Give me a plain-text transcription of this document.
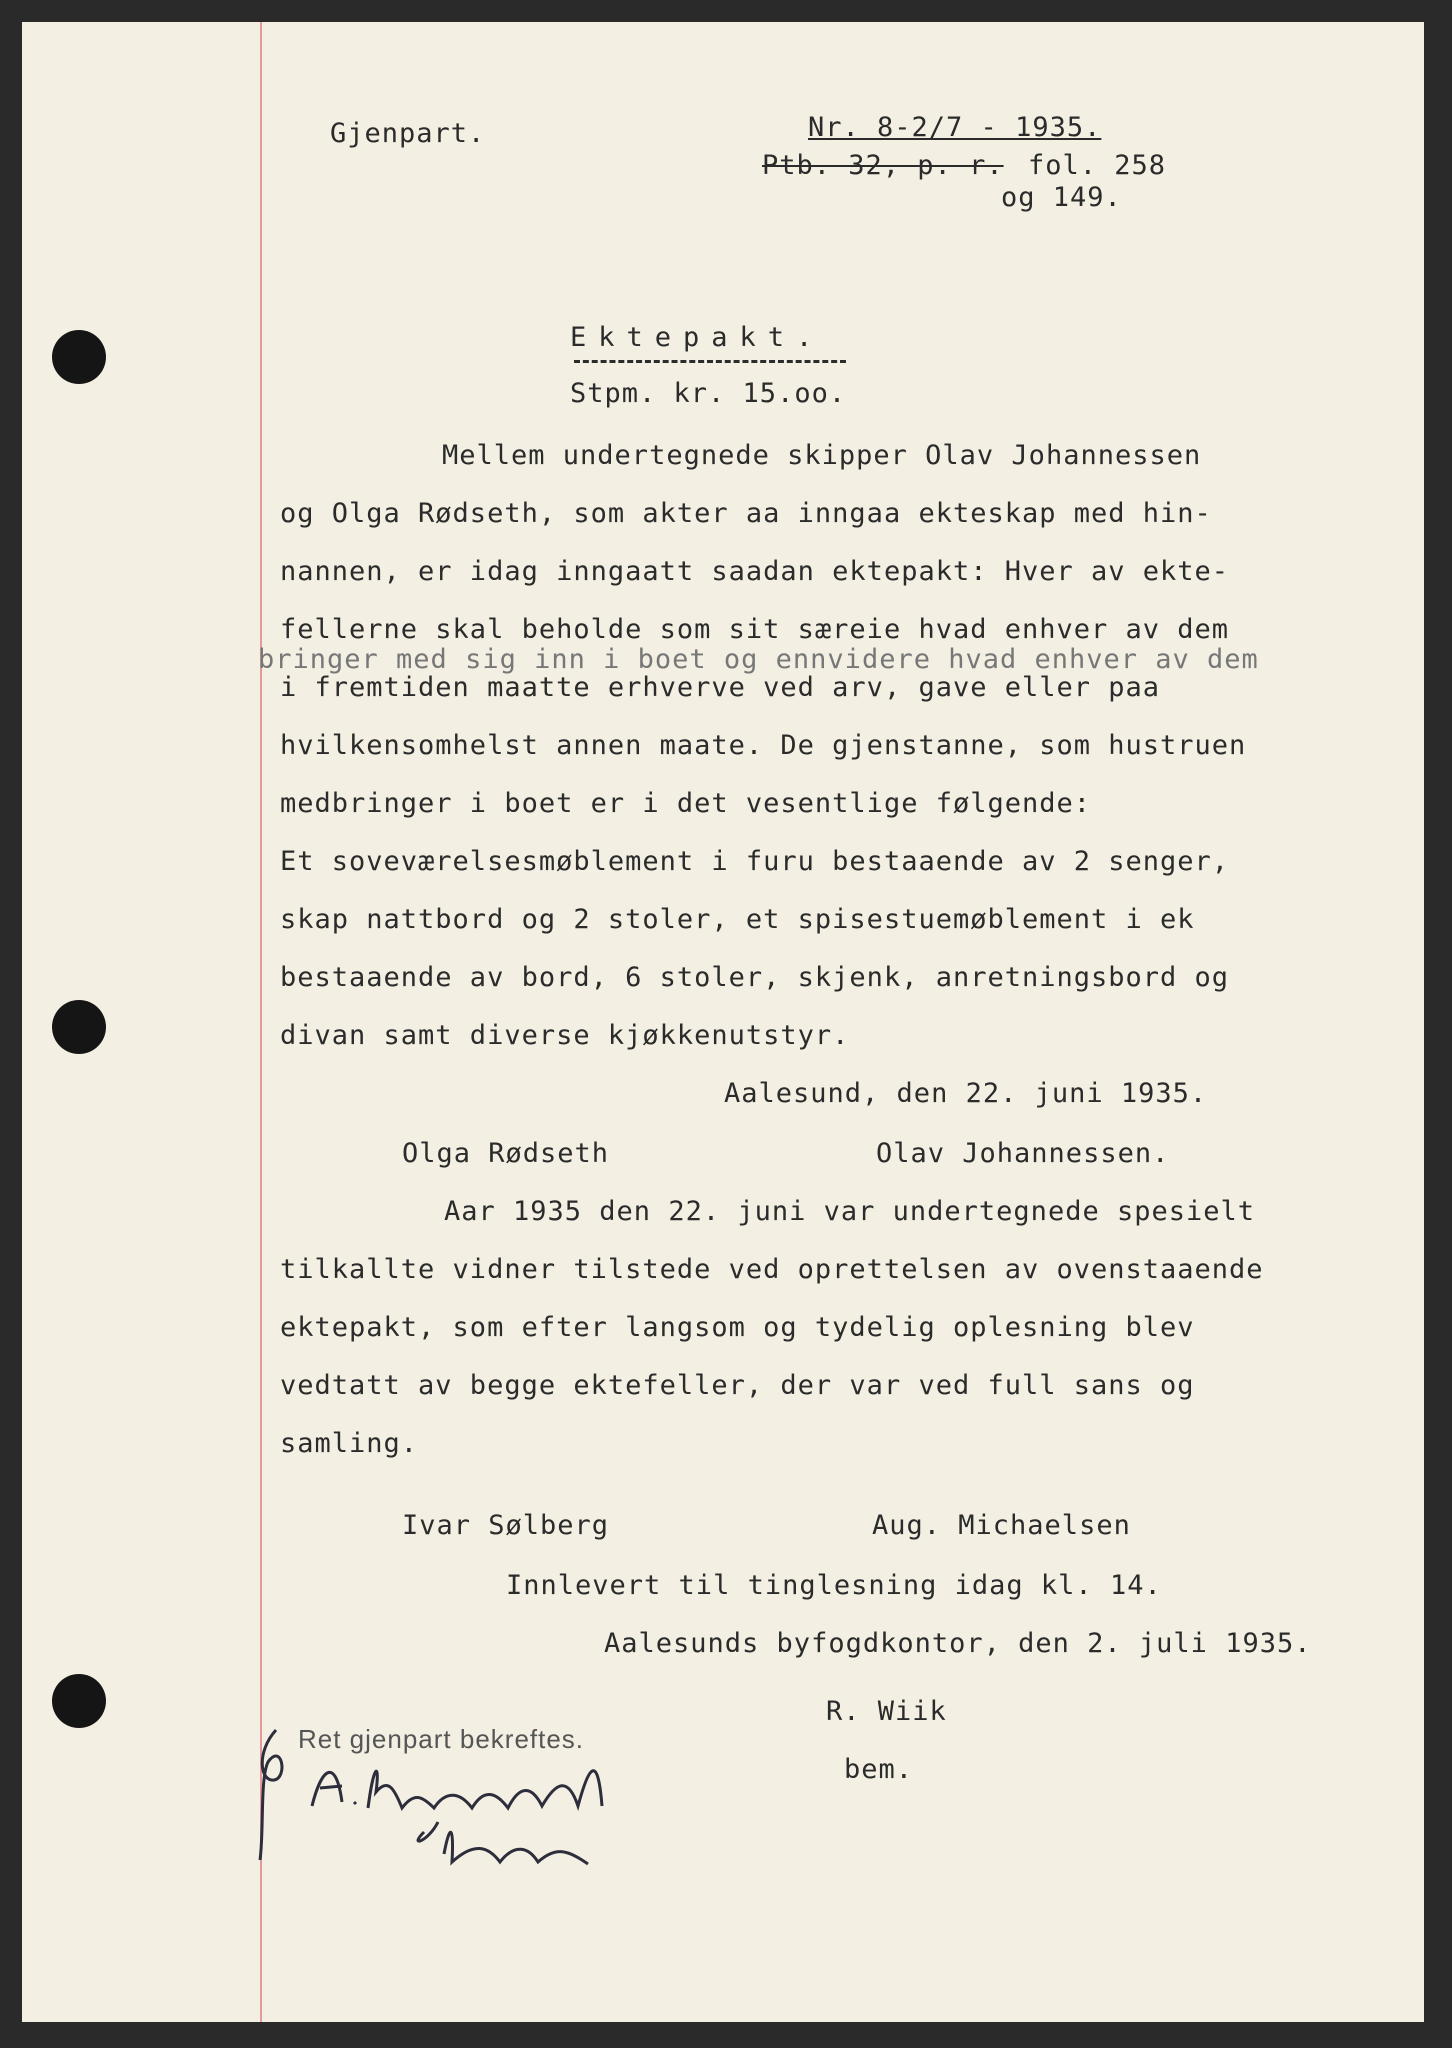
Gjenpart.	Nr. 8-2/7 - 1935.
Ptb. 32, p. r. fol. 258
og 149.
Ektepakt.
Stpm. kr. 15.oo.
Mellem undertegnede skipper Olav Johannessen
og Olga Rødseth, som akter aa inngaa ekteskap med hin-
nannen, er idag inngaatt saadan ektepakt: Hver av ekte-
fellerne skal beholde som sit særeie hvad enhver av dem
bringer med sig inn i boet og ennvidere hvad enhver av dem
i fremtiden maatte erhverve ved arv, gave eller paa
hvilkensomhelst annen maate. De gjenstanne, som hustruen
medbringer i boet er i det vesentlige følgende:
Et soveværelsesmøblement i furu bestaaende av 2 senger,
skap nattbord og 2 stoler, et spisestuemøblement i ek
bestaaende av bord, 6 stoler, skjenk, anretningsbord og
divan samt diverse kjøkkenutstyr.
Aalesund, den 22. juni 1935.
Olga Rødseth	Olav Johannessen.
Aar 1935 den 22. juni var undertegnede spesielt
tilkallte vidner tilstede ved oprettelsen av ovenstaaende
ektepakt, som efter langsom og tydelig oplesning blev
vedtatt av begge ektefeller, der var ved full sans og
samling.
Ivar Sølberg	Aug. Michaelsen
Innlevert til tinglesning idag kl. 14.
Aalesunds byfogdkontor, den 2. juli 1935.
R. Wiik
bem.
Ret gjenpart bekreftes.
